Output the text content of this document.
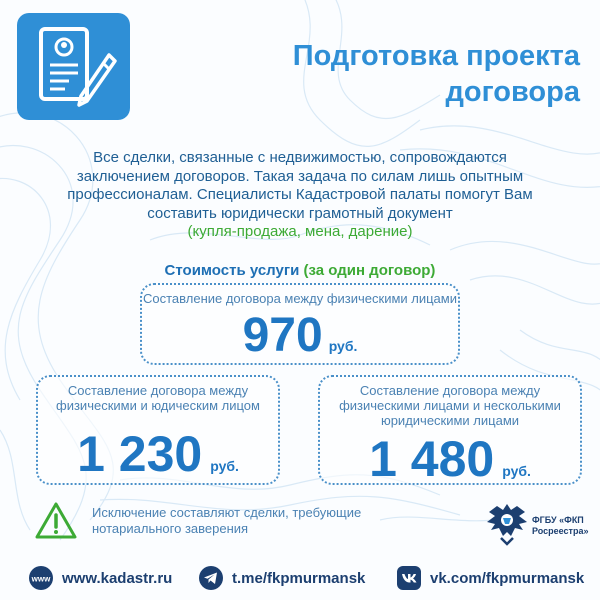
Подготовка проекта
договора
Все сделки, связанные с недвижимостью, сопровождаются
заключением договоров. Такая задача по силам лишь опытным
профессионалам. Специалисты Кадастровой палаты помогут Вам
составить юридически грамотный документ
(купля-продажа, мена, дарение)
Стоимость услуги (за один договор)
Составление договора между физическими лицами
970 руб.
Составление договора между
физическими и юдическим лицом
1 230 руб.
Составление договора между
физическими лицами и несколькими
юридическими лицами
1 480 руб.
Исключение составляют сделки, требующие
нотариального заверения
ФГБУ «ФКП
Росреестра»
www www.kadastr.ru	t.me/fkpmurmansk	vk.com/fkpmurmansk
